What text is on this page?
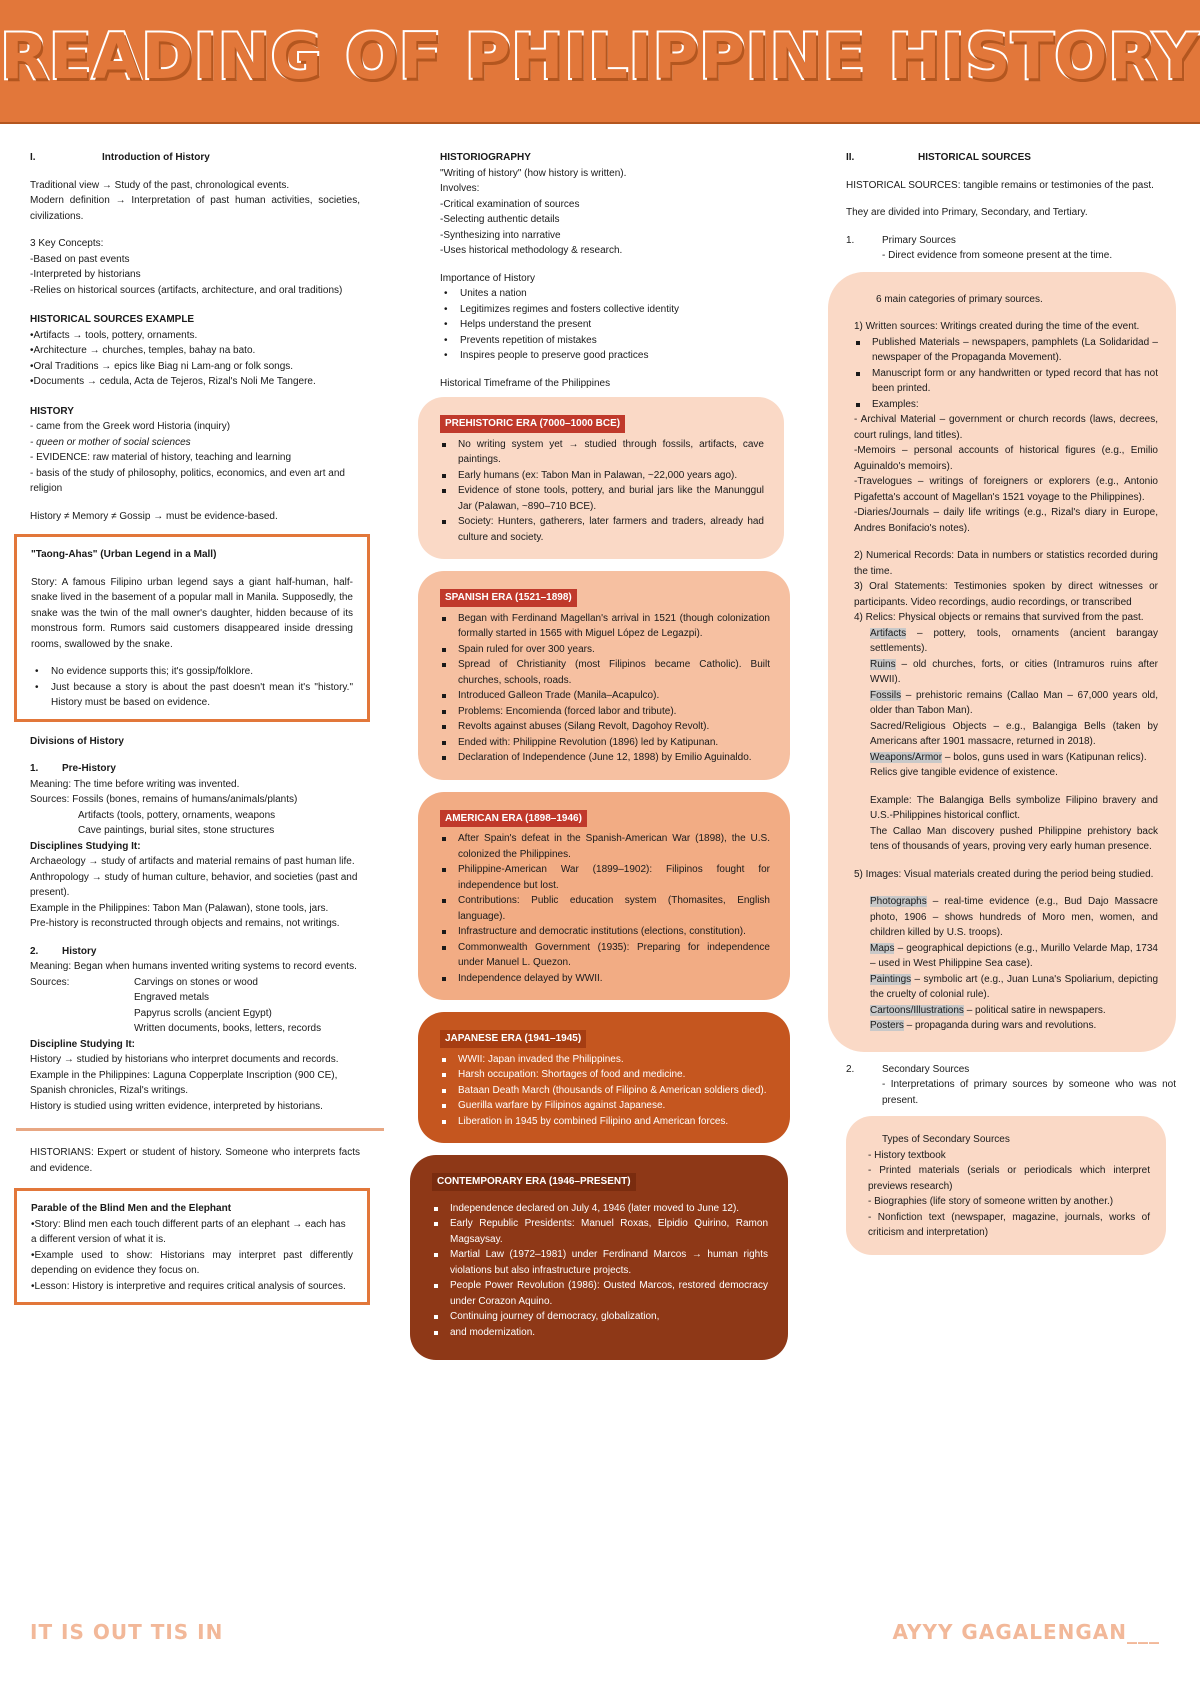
READING OF PHILIPPINE HISTORY
I.	Introduction of History

Traditional view → Study of the past, chronological events.

Modern definition → Interpretation of past human activities, societies, civilizations.

3 Key Concepts:

-Based on past events

-Interpreted by historians

-Relies on historical sources (artifacts, architecture, and oral traditions)

HISTORICAL SOURCES EXAMPLE

•Artifacts → tools, pottery, ornaments.

•Architecture → churches, temples, bahay na bato.

•Oral Traditions → epics like Biag ni Lam-ang or folk songs.

•Documents → cedula, Acta de Tejeros, Rizal's Noli Me Tangere.

HISTORY

- came from the Greek word Historia (inquiry)

- queen or mother of social sciences

- EVIDENCE: raw material of history, teaching and learning

- basis of the study of philosophy, politics, economics, and even art and religion

History ≠ Memory ≠ Gossip → must be evidence-based.

"Taong-Ahas" (Urban Legend in a Mall)

Story: A famous Filipino urban legend says a giant half-human, half-snake lived in the basement of a popular mall in Manila. Supposedly, the snake was the twin of the mall owner's daughter, hidden because of its monstrous form. Rumors said customers disappeared inside dressing rooms, swallowed by the snake.

• No evidence supports this; it's gossip/folklore.
• Just because a story is about the past doesn't mean it's "history." History must be based on evidence.

Divisions of History

1.	Pre-History

Meaning: The time before writing was invented.

Sources: Fossils (bones, remains of humans/animals/plants)

Artifacts (tools, pottery, ornaments, weapons

Cave paintings, burial sites, stone structures

Disciplines Studying It:

Archaeology → study of artifacts and material remains of past human life.

Anthropology → study of human culture, behavior, and societies (past and present).

Example in the Philippines: Tabon Man (Palawan), stone tools, jars.

Pre-history is reconstructed through objects and remains, not writings.

2.	History

Meaning: Began when humans invented writing systems to record events.

Sources:	Carvings on stones or wood

Engraved metals

Papyrus scrolls (ancient Egypt)

Written documents, books, letters, records

Discipline Studying It:

History → studied by historians who interpret documents and records.

Example in the Philippines: Laguna Copperplate Inscription (900 CE), Spanish chronicles, Rizal's writings.

History is studied using written evidence, interpreted by historians.

HISTORIANS: Expert or student of history. Someone who interprets facts and evidence.

Parable of the Blind Men and the Elephant

•Story: Blind men each touch different parts of an elephant → each has a different version of what it is.

•Example used to show: Historians may interpret past differently depending on evidence they focus on.

•Lesson: History is interpretive and requires critical analysis of sources.

HISTORIOGRAPHY

"Writing of history" (how history is written).

Involves:

-Critical examination of sources

-Selecting authentic details

-Synthesizing into narrative

-Uses historical methodology & research.

Importance of History

• Unites a nation
• Legitimizes regimes and fosters collective identity
• Helps understand the present
• Prevents repetition of mistakes
• Inspires people to preserve good practices

Historical Timeframe of the Philippines

PREHISTORIC ERA (7000–1000 BCE)
No writing system yet → studied through fossils, artifacts, cave paintings.
Early humans (ex: Tabon Man in Palawan, ~22,000 years ago).
Evidence of stone tools, pottery, and burial jars like the Manunggul Jar (Palawan, ~890–710 BCE).
Society: Hunters, gatherers, later farmers and traders, already had culture and society.
SPANISH ERA (1521–1898)
Began with Ferdinand Magellan's arrival in 1521 (though colonization formally started in 1565 with Miguel López de Legazpi).
Spain ruled for over 300 years.
Spread of Christianity (most Filipinos became Catholic). Built churches, schools, roads.
Introduced Galleon Trade (Manila–Acapulco).
Problems: Encomienda (forced labor and tribute).
Revolts against abuses (Silang Revolt, Dagohoy Revolt).
Ended with: Philippine Revolution (1896) led by Katipunan.
Declaration of Independence (June 12, 1898) by Emilio Aguinaldo.
AMERICAN ERA (1898–1946)
After Spain's defeat in the Spanish-American War (1898), the U.S. colonized the Philippines.
Philippine-American War (1899–1902): Filipinos fought for independence but lost.
Contributions: Public education system (Thomasites, English language).
Infrastructure and democratic institutions (elections, constitution).
Commonwealth Government (1935): Preparing for independence under Manuel L. Quezon.
Independence delayed by WWII.
JAPANESE ERA (1941–1945)
WWII: Japan invaded the Philippines.
Harsh occupation: Shortages of food and medicine.
Bataan Death March (thousands of Filipino & American soldiers died).
Guerilla warfare by Filipinos against Japanese.
Liberation in 1945 by combined Filipino and American forces.
CONTEMPORARY ERA (1946–PRESENT)
Independence declared on July 4, 1946 (later moved to June 12).
Early Republic Presidents: Manuel Roxas, Elpidio Quirino, Ramon Magsaysay.
Martial Law (1972–1981) under Ferdinand Marcos → human rights violations but also infrastructure projects.
People Power Revolution (1986): Ousted Marcos, restored democracy under Corazon Aquino.
Continuing journey of democracy, globalization,
and modernization.
II.	HISTORICAL SOURCES

HISTORICAL SOURCES: tangible remains or testimonies of the past.

They are divided into Primary, Secondary, and Tertiary.

1.	Primary Sources

- Direct evidence from someone present at the time.

6 main categories of primary sources.

1) Written sources: Writings created during the time of the event.

Published Materials – newspapers, pamphlets (La Solidaridad – newspaper of the Propaganda Movement).
Manuscript form or any handwritten or typed record that has not been printed.
Examples:

- Archival Material – government or church records (laws, decrees, court rulings, land titles).

-Memoirs – personal accounts of historical figures (e.g., Emilio Aguinaldo's memoirs).

-Travelogues – writings of foreigners or explorers (e.g., Antonio Pigafetta's account of Magellan's 1521 voyage to the Philippines).

-Diaries/Journals – daily life writings (e.g., Rizal's diary in Europe, Andres Bonifacio's notes).

2) Numerical Records: Data in numbers or statistics recorded during the time.

3) Oral Statements: Testimonies spoken by direct witnesses or participants. Video recordings, audio recordings, or transcribed

4) Relics: Physical objects or remains that survived from the past.

Artifacts – pottery, tools, ornaments (ancient barangay settlements).

Ruins – old churches, forts, or cities (Intramuros ruins after WWII).

Fossils – prehistoric remains (Callao Man – 67,000 years old, older than Tabon Man).

Sacred/Religious Objects – e.g., Balangiga Bells (taken by Americans after 1901 massacre, returned in 2018).

Weapons/Armor – bolos, guns used in wars (Katipunan relics).

Relics give tangible evidence of existence.

Example: The Balangiga Bells symbolize Filipino bravery and U.S.-Philippines historical conflict.

The Callao Man discovery pushed Philippine prehistory back tens of thousands of years, proving very early human presence.

5) Images: Visual materials created during the period being studied.

Photographs – real-time evidence (e.g., Bud Dajo Massacre photo, 1906 – shows hundreds of Moro men, women, and children killed by U.S. troops).

Maps – geographical depictions (e.g., Murillo Velarde Map, 1734 – used in West Philippine Sea case).

Paintings – symbolic art (e.g., Juan Luna's Spoliarium, depicting the cruelty of colonial rule).

Cartoons/Illustrations – political satire in newspapers.

Posters – propaganda during wars and revolutions.

2.	Secondary Sources

- Interpretations of primary sources by someone who was not present.

Types of Secondary Sources

- History textbook

- Printed materials (serials or periodicals which interpret previews research)

- Biographies (life story of someone written by another.)

- Nonfiction text (newspaper, magazine, journals, works of criticism and interpretation)

IT IS OUT TIS IN	AYYY GAGALENGAN___
